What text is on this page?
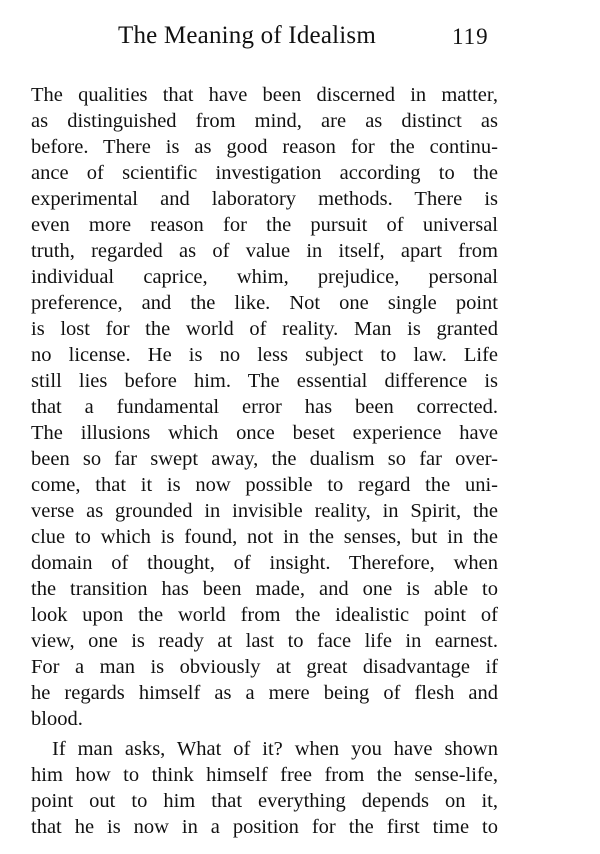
The Meaning of Idealism	119
The qualities that have been discerned in matter,
as distinguished from mind, are as distinct as
before. There is as good reason for the continu-
ance of scientific investigation according to the
experimental and laboratory methods. There is
even more reason for the pursuit of universal
truth, regarded as of value in itself, apart from
individual caprice, whim, prejudice, personal
preference, and the like. Not one single point
is lost for the world of reality. Man is granted
no license. He is no less subject to law. Life
still lies before him. The essential difference is
that a fundamental error has been corrected.
The illusions which once beset experience have
been so far swept away, the dualism so far over-
come, that it is now possible to regard the uni-
verse as grounded in invisible reality, in Spirit, the
clue to which is found, not in the senses, but in the
domain of thought, of insight. Therefore, when
the transition has been made, and one is able to
look upon the world from the idealistic point of
view, one is ready at last to face life in earnest.
For a man is obviously at great disadvantage if
he regards himself as a mere being of flesh and
blood.
If man asks, What of it? when you have shown
him how to think himself free from the sense-life,
point out to him that everything depends on it,
that he is now in a position for the first time to
